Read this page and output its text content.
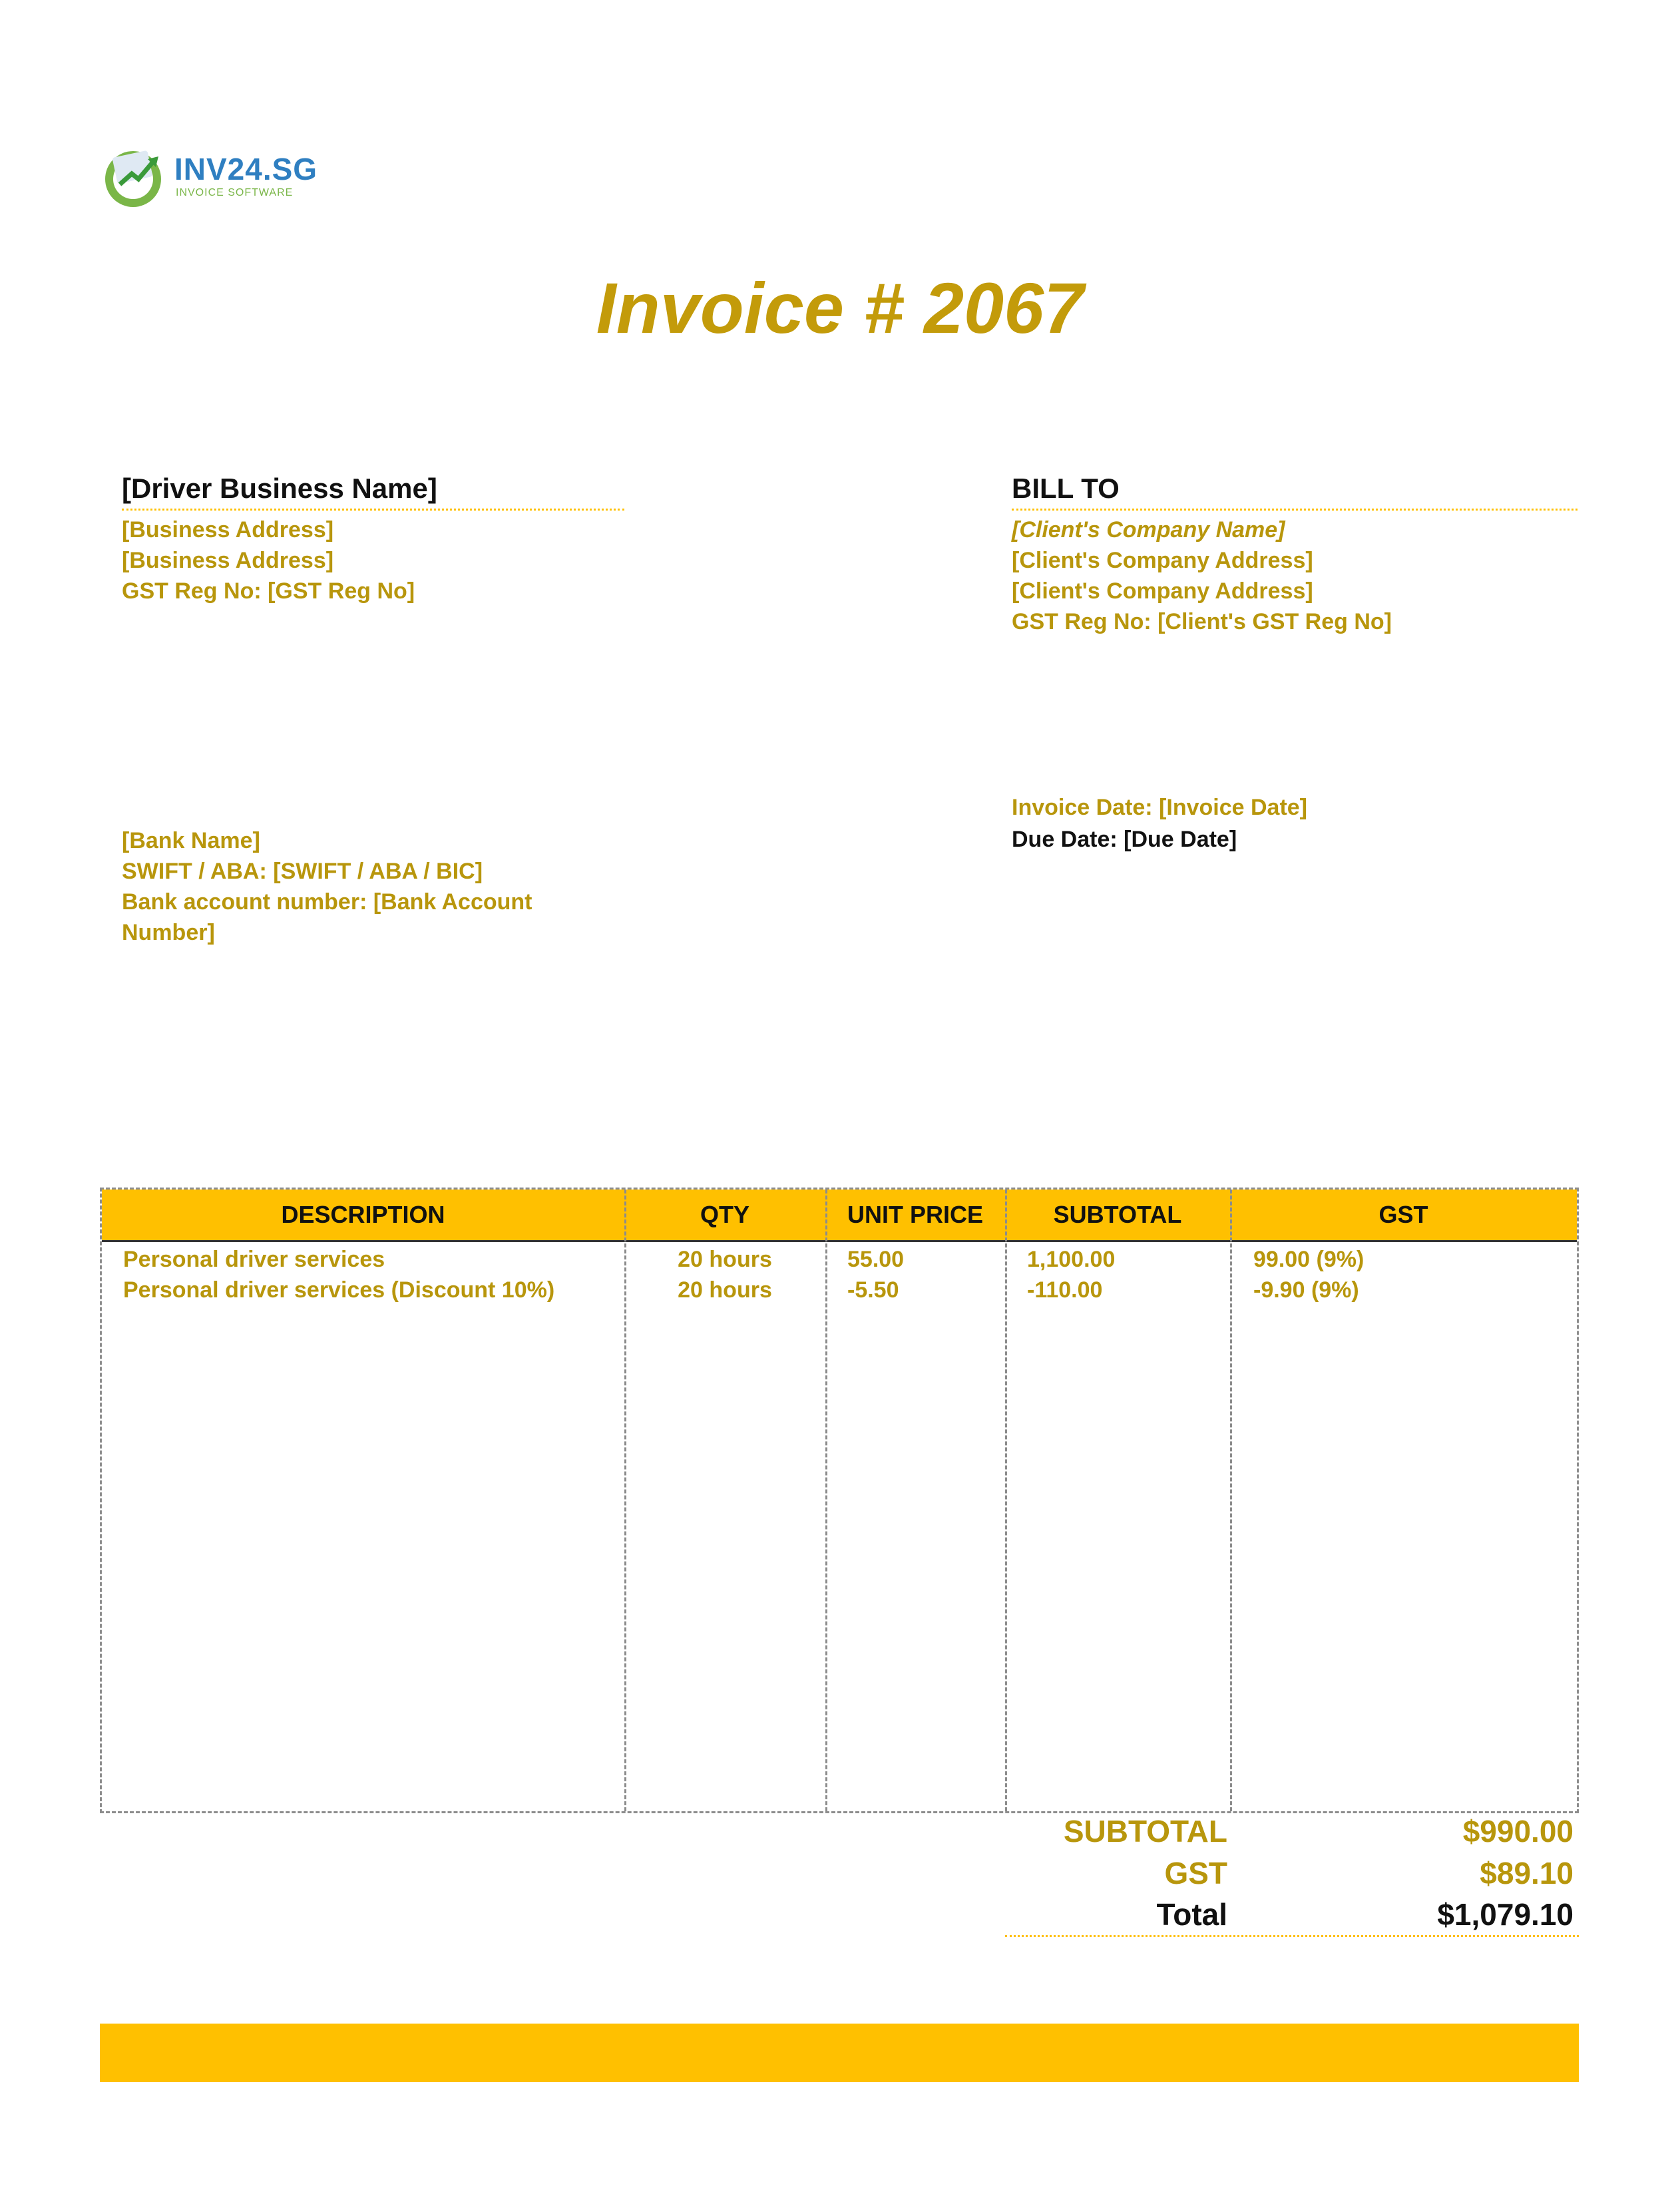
INV24.SG
INVOICE SOFTWARE
Invoice # 2067
[Driver Business Name]
[Business Address]
[Business Address]
GST Reg No: [GST Reg No]
BILL TO
[Client's Company Name]
[Client's Company Address]
[Client's Company Address]
GST Reg No: [Client's GST Reg No]
[Bank Name]
SWIFT / ABA: [SWIFT / ABA / BIC]
Bank account number: [Bank Account
Number]
Invoice Date: [Invoice Date]
Due Date: [Due Date]
DESCRIPTION	QTY	UNIT PRICE	SUBTOTAL	GST
Personal driver services	20 hours	55.00	1,100.00	99.00 (9%)
Personal driver services (Discount 10%)	20 hours	-5.50	-110.00	-9.90 (9%)
SUBTOTAL	$990.00
GST	$89.10
Total	$1,079.10
